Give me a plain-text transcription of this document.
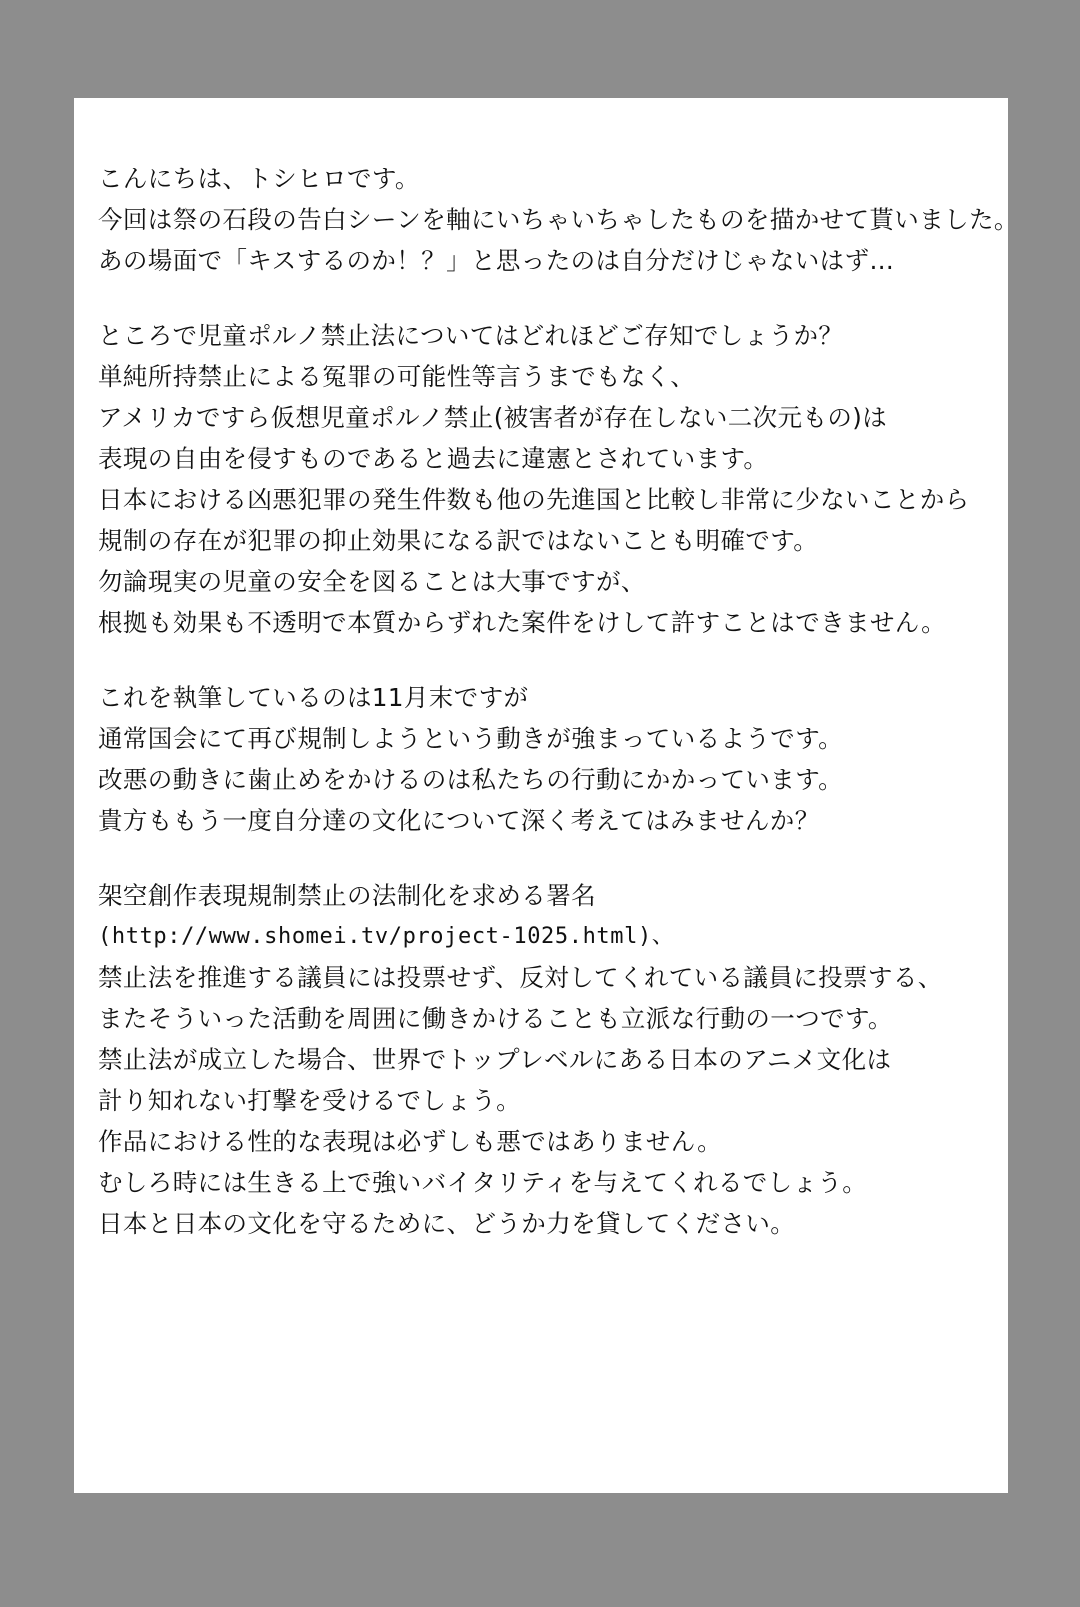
こんにちは、トシヒロです。
今回は祭の石段の告白シーンを軸にいちゃいちゃしたものを描かせて貰いました。
あの場面で「キスするのか！？」と思ったのは自分だけじゃないはず…
ところで児童ポルノ禁止法についてはどれほどご存知でしょうか？
単純所持禁止による冤罪の可能性等言うまでもなく、
アメリカですら仮想児童ポルノ禁止(被害者が存在しない二次元もの)は
表現の自由を侵すものであると過去に違憲とされています。
日本における凶悪犯罪の発生件数も他の先進国と比較し非常に少ないことから
規制の存在が犯罪の抑止効果になる訳ではないことも明確です。
勿論現実の児童の安全を図ることは大事ですが、
根拠も効果も不透明で本質からずれた案件をけして許すことはできません。
これを執筆しているのは11月末ですが
通常国会にて再び規制しようという動きが強まっているようです。
改悪の動きに歯止めをかけるのは私たちの行動にかかっています。
貴方ももう一度自分達の文化について深く考えてはみませんか？
架空創作表現規制禁止の法制化を求める署名
(http://www.shomei.tv/project-1025.html)、
禁止法を推進する議員には投票せず、反対してくれている議員に投票する、
またそういった活動を周囲に働きかけることも立派な行動の一つです。
禁止法が成立した場合、世界でトップレベルにある日本のアニメ文化は
計り知れない打撃を受けるでしょう。
作品における性的な表現は必ずしも悪ではありません。
むしろ時には生きる上で強いバイタリティを与えてくれるでしょう。
日本と日本の文化を守るために、どうか力を貸してください。
